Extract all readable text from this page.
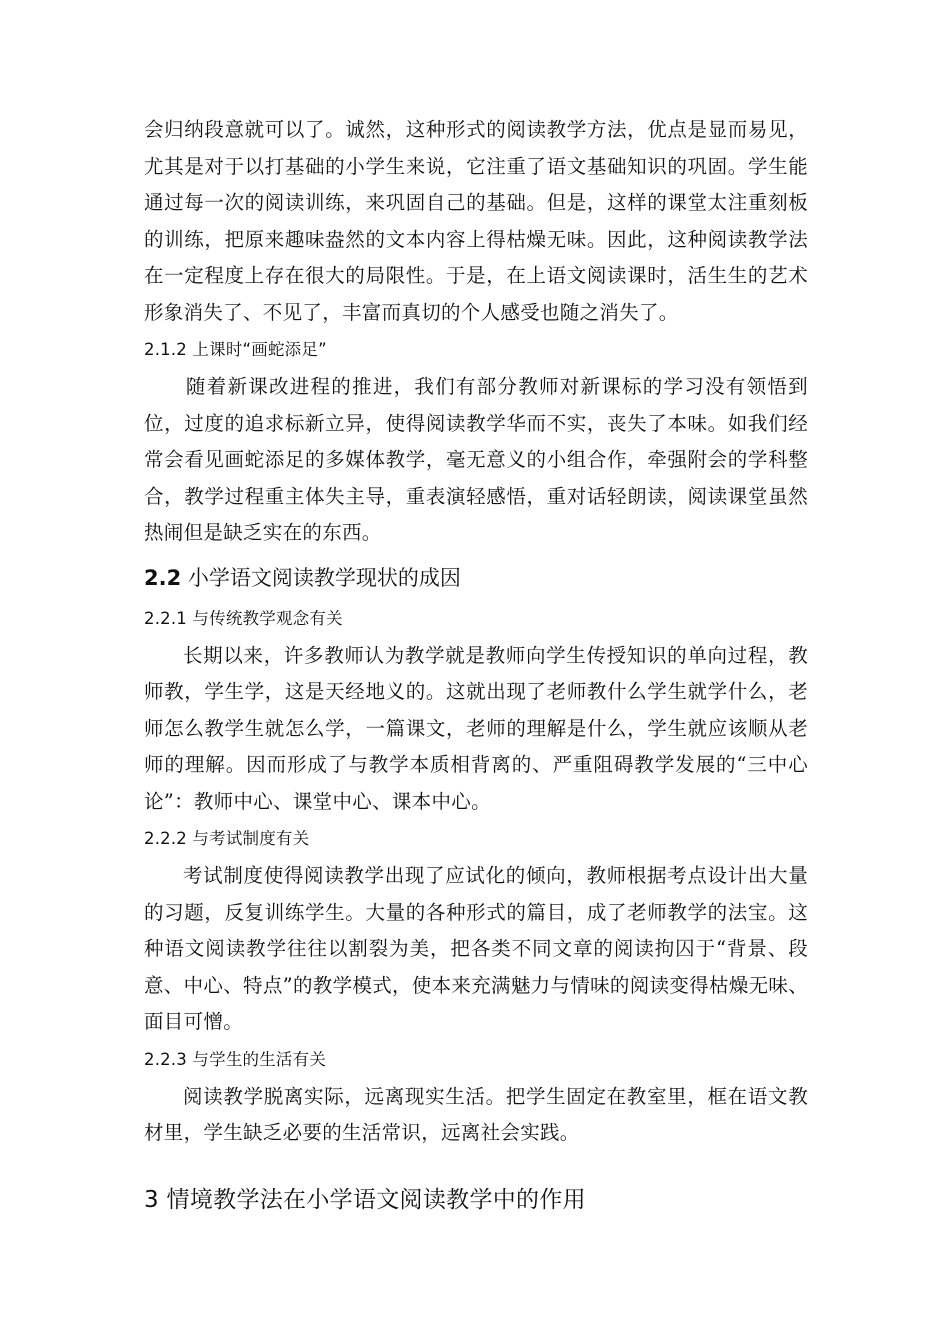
会归纳段意就可以了。诚然，这种形式的阅读教学方法，优点是显而易见，尤其是对于以打基础的小学生来说，它注重了语文基础知识的巩固。学生能通过每一次的阅读训练，来巩固自己的基础。但是，这样的课堂太注重刻板的训练，把原来趣味盎然的文本内容上得枯燥无味。因此，这种阅读教学法在一定程度上存在很大的局限性。于是，在上语文阅读课时，活生生的艺术形象消失了、不见了，丰富而真切的个人感受也随之消失了。

2.1.2 上课时“画蛇添足”

随着新课改进程的推进，我们有部分教师对新课标的学习没有领悟到位，过度的追求标新立异，使得阅读教学华而不实，丧失了本味。如我们经常会看见画蛇添足的多媒体教学，毫无意义的小组合作，牵强附会的学科整合，教学过程重主体失主导，重表演轻感悟，重对话轻朗读，阅读课堂虽然热闹但是缺乏实在的东西。

2.2 小学语文阅读教学现状的成因
2.2.1 与传统教学观念有关

长期以来，许多教师认为教学就是教师向学生传授知识的单向过程，教师教，学生学，这是天经地义的。这就出现了老师教什么学生就学什么，老师怎么教学生就怎么学，一篇课文，老师的理解是什么，学生就应该顺从老师的理解。因而形成了与教学本质相背离的、严重阻碍教学发展的“三中心论”：教师中心、课堂中心、课本中心。

2.2.2 与考试制度有关

考试制度使得阅读教学出现了应试化的倾向，教师根据考点设计出大量的习题，反复训练学生。大量的各种形式的篇目，成了老师教学的法宝。这种语文阅读教学往往以割裂为美，把各类不同文章的阅读拘囚于“背景、段意、中心、特点”的教学模式，使本来充满魅力与情味的阅读变得枯燥无味、面目可憎。

2.2.3 与学生的生活有关

阅读教学脱离实际，远离现实生活。把学生固定在教室里，框在语文教材里，学生缺乏必要的生活常识，远离社会实践。

3 情境教学法在小学语文阅读教学中的作用
